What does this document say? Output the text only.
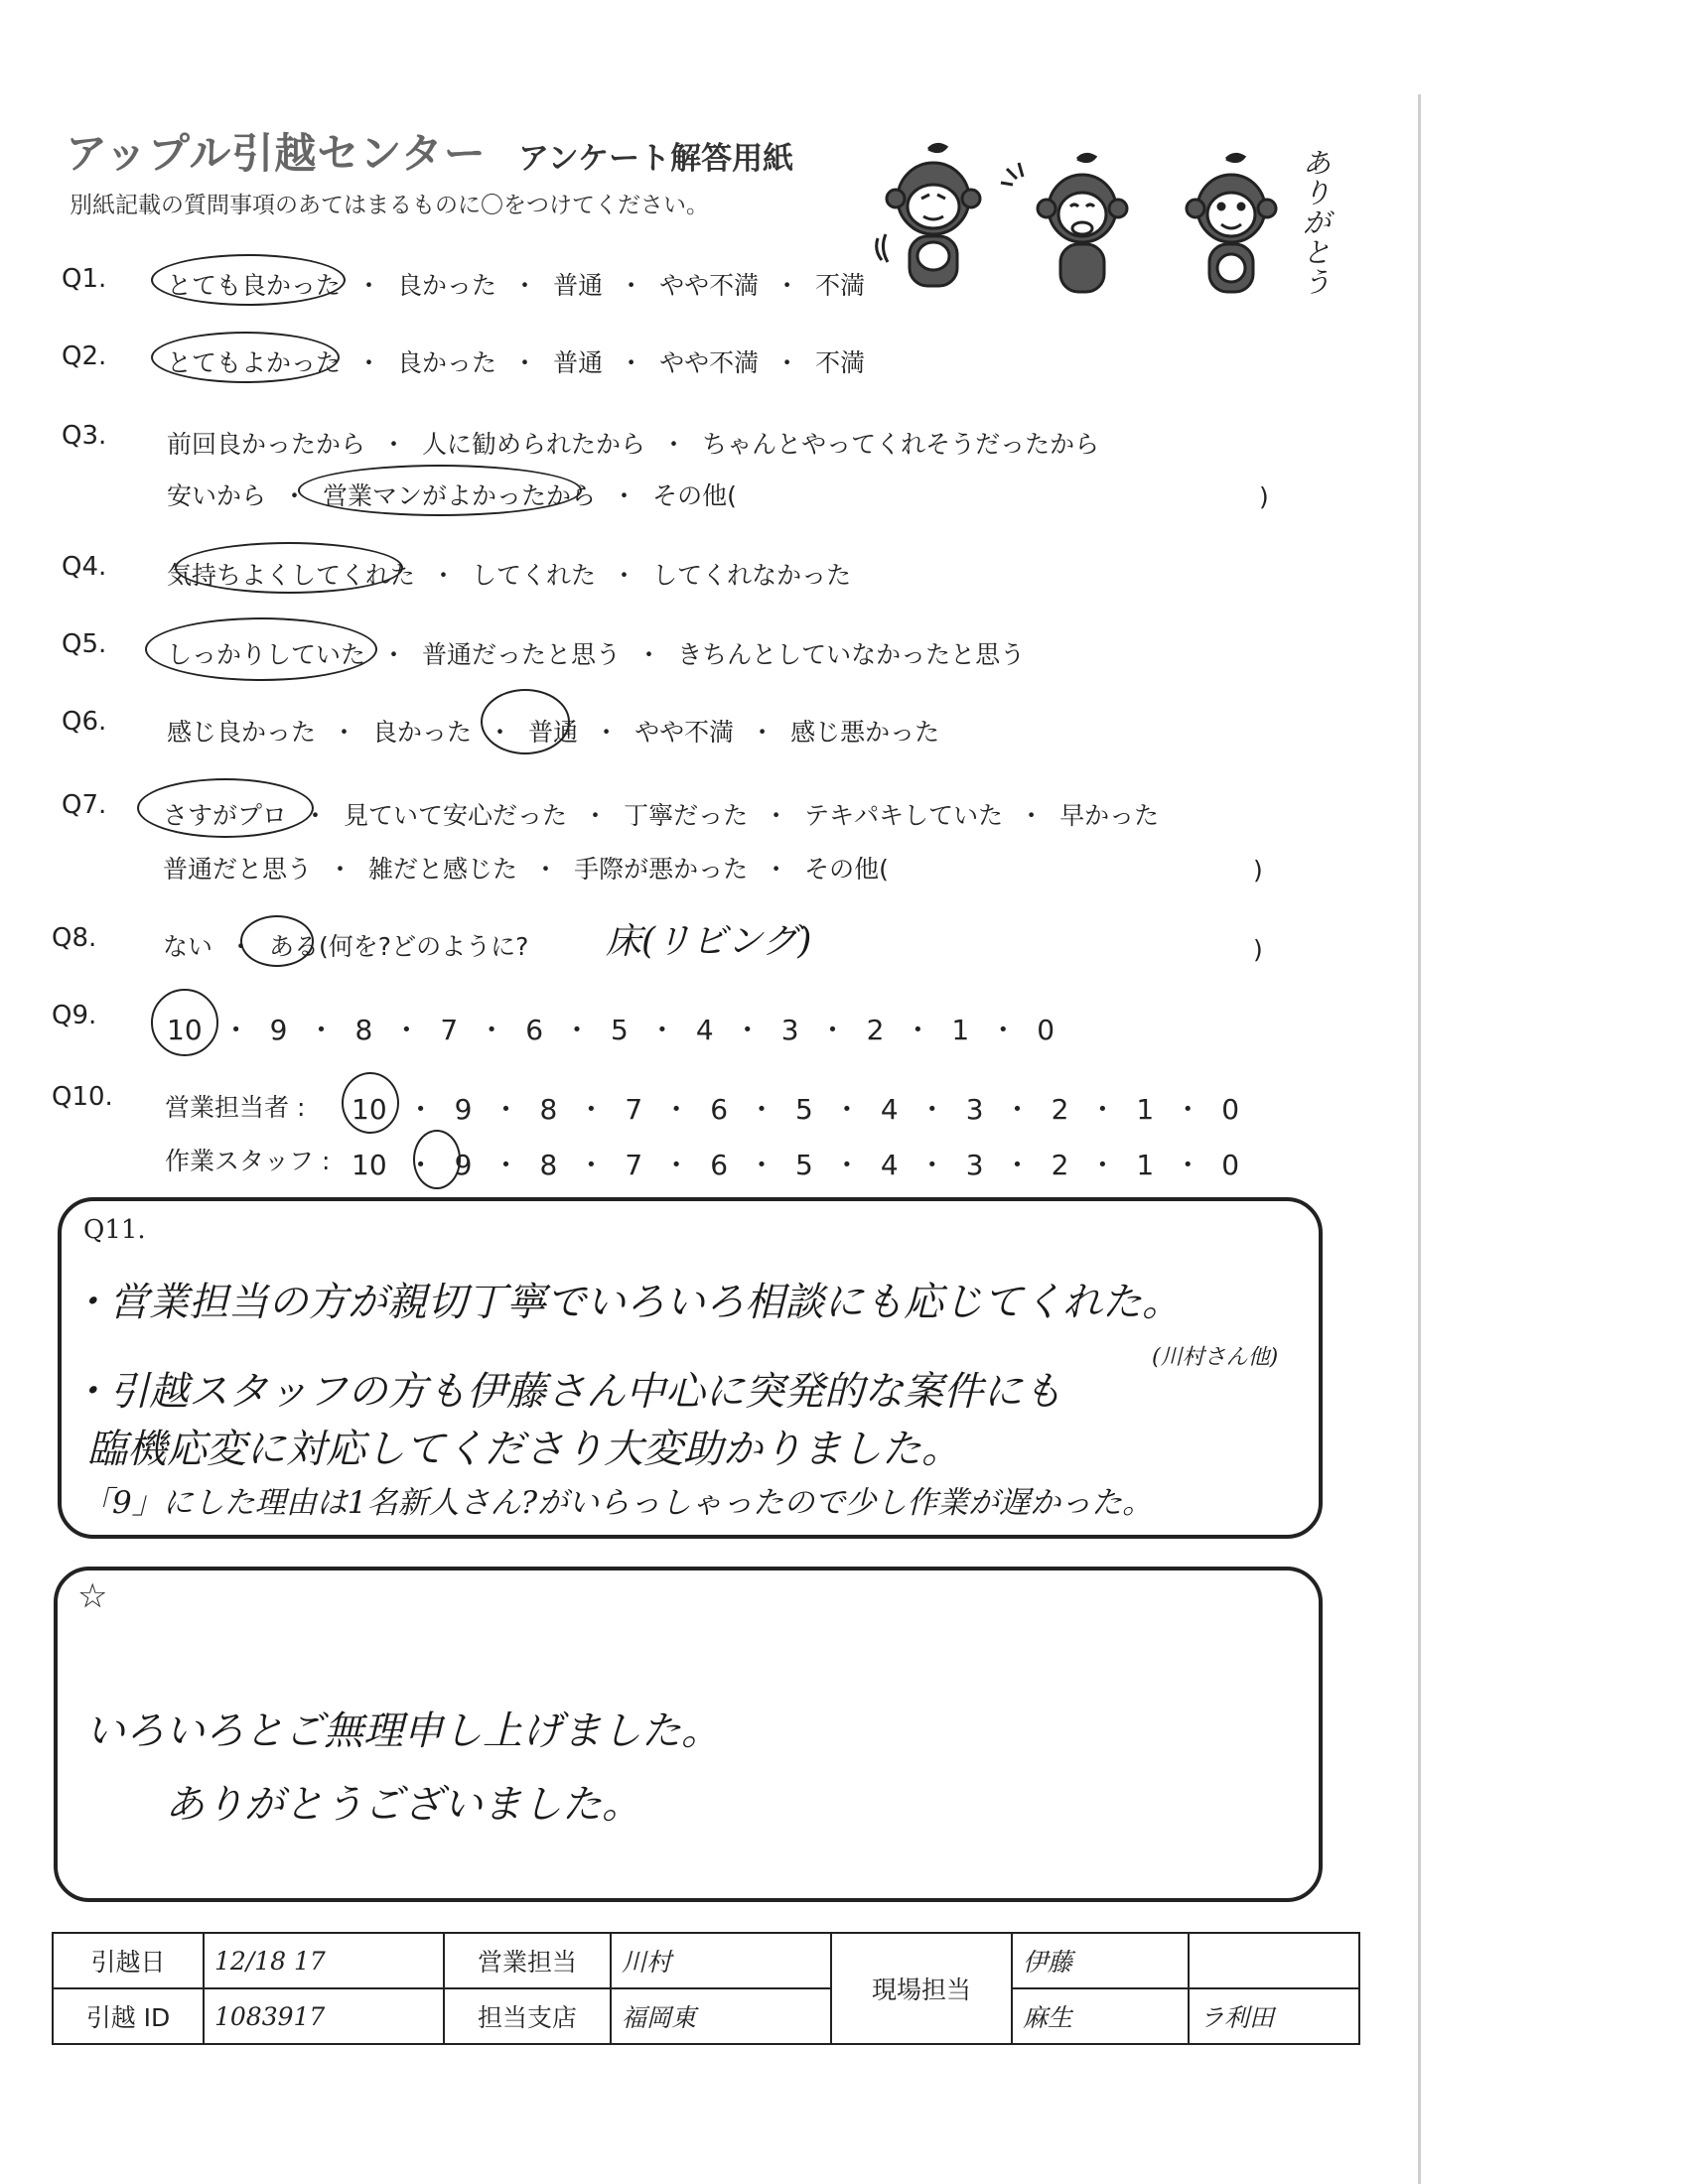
アップル引越センター アンケート解答用紙
別紙記載の質問事項のあてはまるものに〇をつけてください。
ありがとう
Q1. とても良かった ・ 良かった ・ 普通 ・ やや不満 ・ 不満
Q2. とてもよかった ・ 良かった ・ 普通 ・ やや不満 ・ 不満
Q3. 前回良かったから ・ 人に勧められたから ・ ちゃんとやってくれそうだったから
安いから ・ 営業マンがよかったから ・ その他(	)
Q4. 気持ちよくしてくれた ・ してくれた ・ してくれなかった
Q5. しっかりしていた ・ 普通だったと思う ・ きちんとしていなかったと思う
Q6. 感じ良かった ・ 良かった ・ 普通 ・ やや不満 ・ 感じ悪かった
Q7. さすがプロ ・ 見ていて安心だった ・ 丁寧だった ・ テキパキしていた ・ 早かった
普通だと思う ・ 雑だと感じた ・ 手際が悪かった ・ その他(	)
Q8.	ない ・ ある(何を?どのように? 床(リビング)	)
Q9.	10 ・ 9 ・ 8 ・ 7 ・ 6 ・ 5 ・ 4 ・ 3 ・ 2 ・ 1 ・ 0
Q10. 営業担当者 : 10 ・ 9 ・ 8 ・ 7 ・ 6 ・ 5 ・ 4 ・ 3 ・ 2 ・ 1 ・ 0
作業スタッフ : 10 ・ 9 ・ 8 ・ 7 ・ 6 ・ 5 ・ 4 ・ 3 ・ 2 ・ 1 ・ 0
Q11.
・営業担当の方が親切丁寧でいろいろ相談にも応じてくれた。
・引越スタッフの方も伊藤さん中心に突発的な案件にも
(川村さん他)
臨機応変に対応してくださり大変助かりました。
「9」にした理由は1名新人さん?がいらっしゃったので少し作業が遅かった。
☆
いろいろとご無理申し上げました。
ありがとうございました。
引越日	12/18 17	営業担当	川村	現場担当	伊藤	
引越 ID	1083917	担当支店	福岡東		麻生	ラ利田
